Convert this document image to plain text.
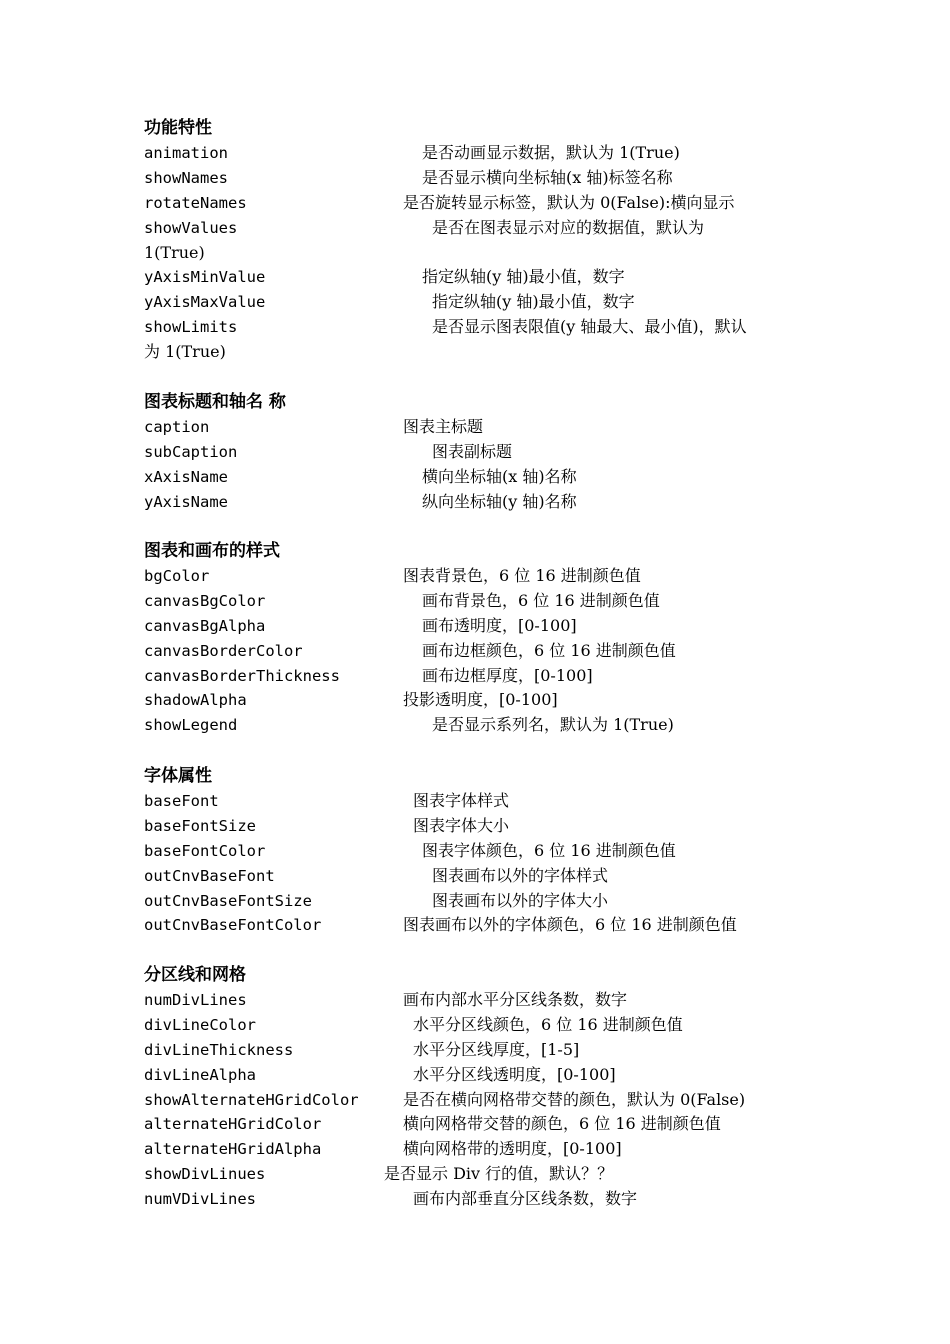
功能特性
animation	是否动画显示数据，默认为 1(True)
showNames	是否显示横向坐标轴(x 轴)标签名称
rotateNames	是否旋转显示标签，默认为 0(False):横向显示
showValues	是否在图表显示对应的数据值，默认为
1(True)
yAxisMinValue	指定纵轴(y 轴)最小值，数字
yAxisMaxValue	指定纵轴(y 轴)最小值，数字
showLimits	是否显示图表限值(y 轴最大、最小值)，默认
为 1(True)
图表标题和轴名 称
caption	图表主标题
subCaption	图表副标题
xAxisName	横向坐标轴(x 轴)名称
yAxisName	纵向坐标轴(y 轴)名称
图表和画布的样式
bgColor	图表背景色，6 位 16 进制颜色值
canvasBgColor	画布背景色，6 位 16 进制颜色值
canvasBgAlpha	画布透明度，[0-100]
canvasBorderColor	画布边框颜色，6 位 16 进制颜色值
canvasBorderThickness	画布边框厚度，[0-100]
shadowAlpha	投影透明度，[0-100]
showLegend	是否显示系列名，默认为 1(True)
字体属性
baseFont	图表字体样式
baseFontSize	图表字体大小
baseFontColor	图表字体颜色，6 位 16 进制颜色值
outCnvBaseFont	图表画布以外的字体样式
outCnvBaseFontSize	图表画布以外的字体大小
outCnvBaseFontColor	图表画布以外的字体颜色，6 位 16 进制颜色值
分区线和网格
numDivLines	画布内部水平分区线条数，数字
divLineColor	水平分区线颜色，6 位 16 进制颜色值
divLineThickness	水平分区线厚度，[1-5]
divLineAlpha	水平分区线透明度，[0-100]
showAlternateHGridColor	是否在横向网格带交替的颜色，默认为 0(False)
alternateHGridColor	横向网格带交替的颜色，6 位 16 进制颜色值
alternateHGridAlpha	横向网格带的透明度，[0-100]
showDivLinues	是否显示 Div 行的值，默认？？
numVDivLines	画布内部垂直分区线条数，数字
